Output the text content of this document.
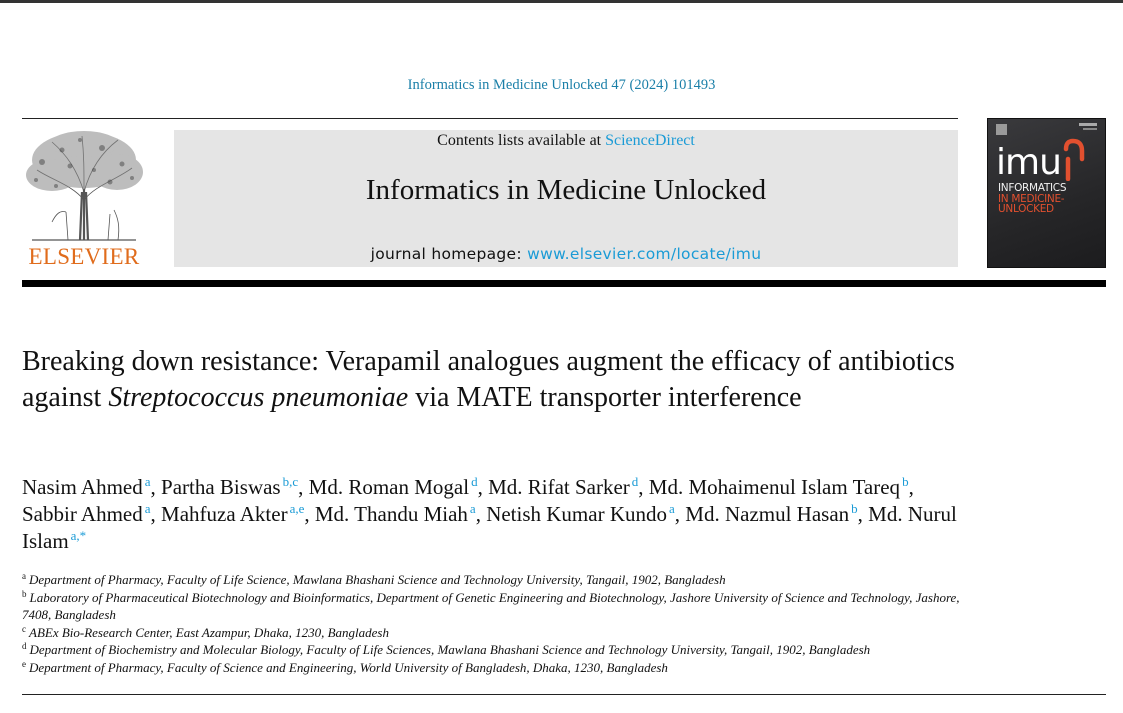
Informatics in Medicine Unlocked 47 (2024) 101493
ELSEVIER
Contents lists available at ScienceDirect
Informatics in Medicine Unlocked
journal homepage: www.elsevier.com/locate/imu
imu
INFORMATICS
IN MEDICINE-
UNLOCKED
Breaking down resistance: Verapamil analogues augment the efficacy of antibiotics against Streptococcus pneumoniae via MATE transporter interference
Nasim Ahmed $^a$, Partha Biswas $^{b,c}$, Md. Roman Mogal $^d$, Md. Rifat Sarker $^d$, Md. Mohaimenul Islam Tareq $^b$, Sabbir Ahmed $^a$, Mahfuza Akter $^{a,e}$, Md. Thandu Miah $^a$, Netish Kumar Kundo $^a$, Md. Nazmul Hasan $^b$, Md. Nurul Islam $^{a,*}$
$^a$ Department of Pharmacy, Faculty of Life Science, Mawlana Bhashani Science and Technology University, Tangail, 1902, Bangladesh
$^b$ Laboratory of Pharmaceutical Biotechnology and Bioinformatics, Department of Genetic Engineering and Biotechnology, Jashore University of Science and Technology, Jashore, 7408, Bangladesh
$^c$ ABEx Bio-Research Center, East Azampur, Dhaka, 1230, Bangladesh
$^d$ Department of Biochemistry and Molecular Biology, Faculty of Life Sciences, Mawlana Bhashani Science and Technology University, Tangail, 1902, Bangladesh
$^e$ Department of Pharmacy, Faculty of Science and Engineering, World University of Bangladesh, Dhaka, 1230, Bangladesh
